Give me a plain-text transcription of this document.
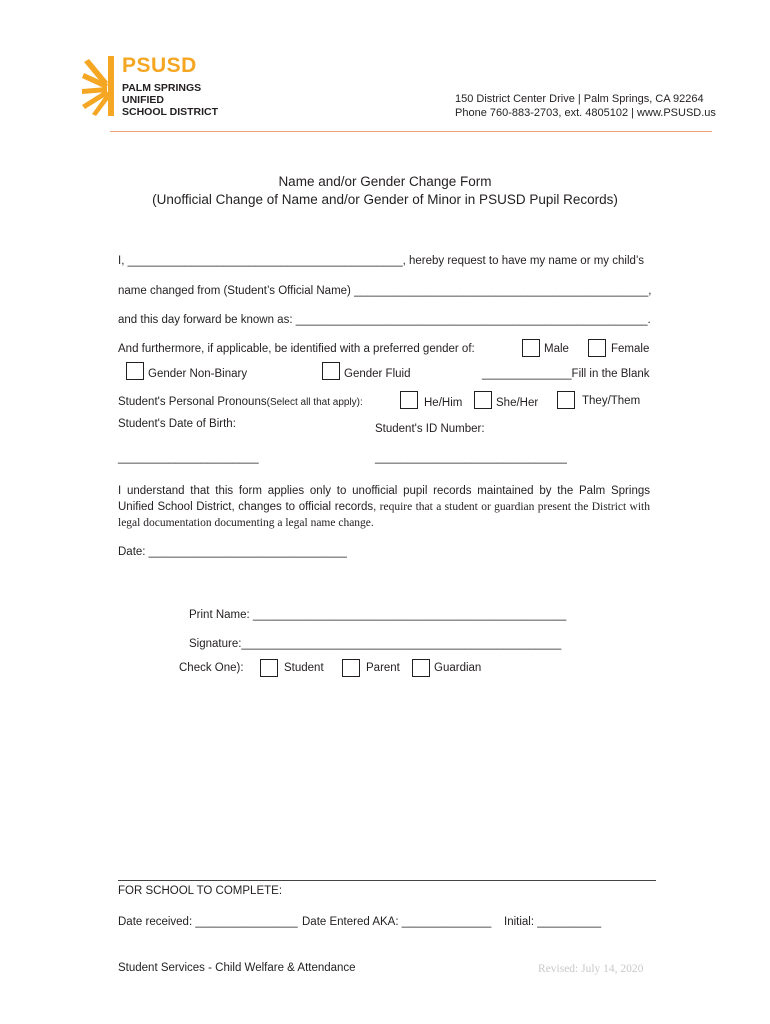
PSUSD
PALM SPRINGS
UNIFIED
SCHOOL DISTRICT
150 District Center Drive | Palm Springs, CA 92264
Phone 760-883-2703, ext. 4805102 | www.PSUSD.us
Name and/or Gender Change Form
(Unofficial Change of Name and/or Gender of Minor in PSUSD Pupil Records)
I, ___________________________________________, hereby request to have my name or my child’s
name changed from (Student’s Official Name) ______________________________________________,
and this day forward be known as: _______________________________________________________.
And furthermore, if applicable, be identified with a preferred gender of:	Male	Female
Gender Non-Binary	Gender Fluid	______________Fill in the Blank
Student's Personal Pronouns(Select all that apply):	He/Him	She/Her	They/Them
Student's Date of Birth:	Student's ID Number:
______________________	______________________________
I understand that this form applies only to unofficial pupil records maintained by the Palm Springs Unified School District, changes to official records, require that a student or guardian present the District with legal documentation documenting a legal name change.
Date: _______________________________
Print Name: _________________________________________________
Signature:__________________________________________________
Check One):	Student	Parent	Guardian
FOR SCHOOL TO COMPLETE:
Date received: ________________ Date Entered AKA: ______________ Initial: __________
Student Services - Child Welfare & Attendance	Revised: July 14, 2020
